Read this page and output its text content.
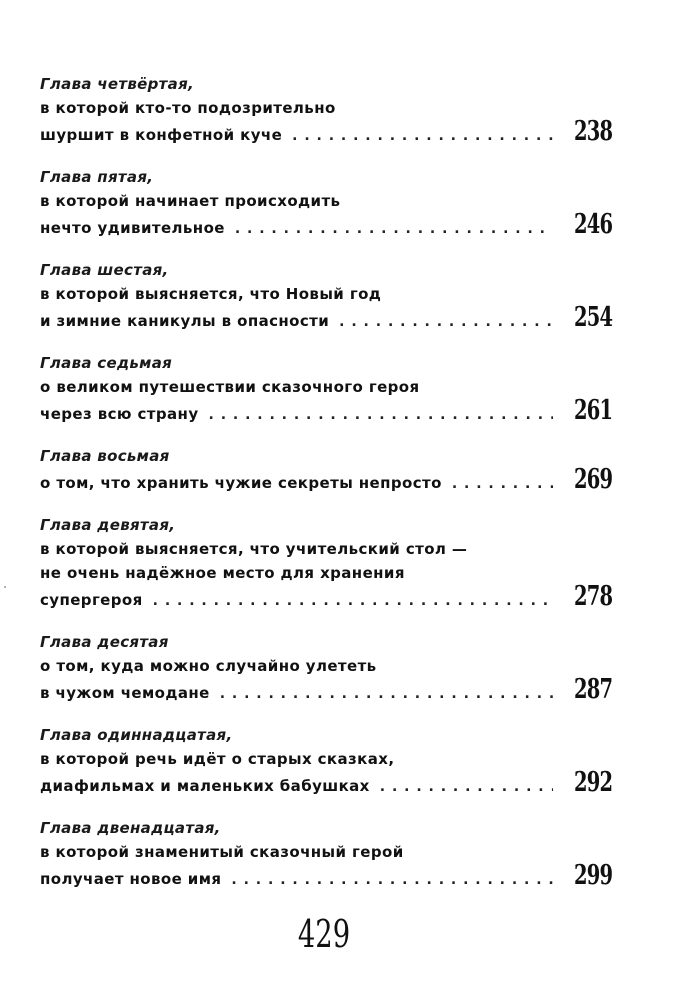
Глава четвёртая,
в которой кто-то подозрительно
шуршит в конфетной куче . . .	238
Глава пятая,
в которой начинает происходить
нечто удивительное . . .	246
Глава шестая,
в которой выясняется, что Новый год
и зимние каникулы в опасности . . .	254
Глава седьмая
о великом путешествии сказочного героя
через всю страну . . .	261
Глава восьмая
о том, что хранить чужие секреты непросто . . .	269
Глава девятая,
в которой выясняется, что учительский стол —
не очень надёжное место для хранения
супергероя . . .	278
Глава десятая
о том, куда можно случайно улететь
в чужом чемодане . . .	287
Глава одиннадцатая,
в которой речь идёт о старых сказках,
диафильмах и маленьких бабушках . . .	292
Глава двенадцатая,
в которой знаменитый сказочный герой
получает новое имя . . .	299
429
